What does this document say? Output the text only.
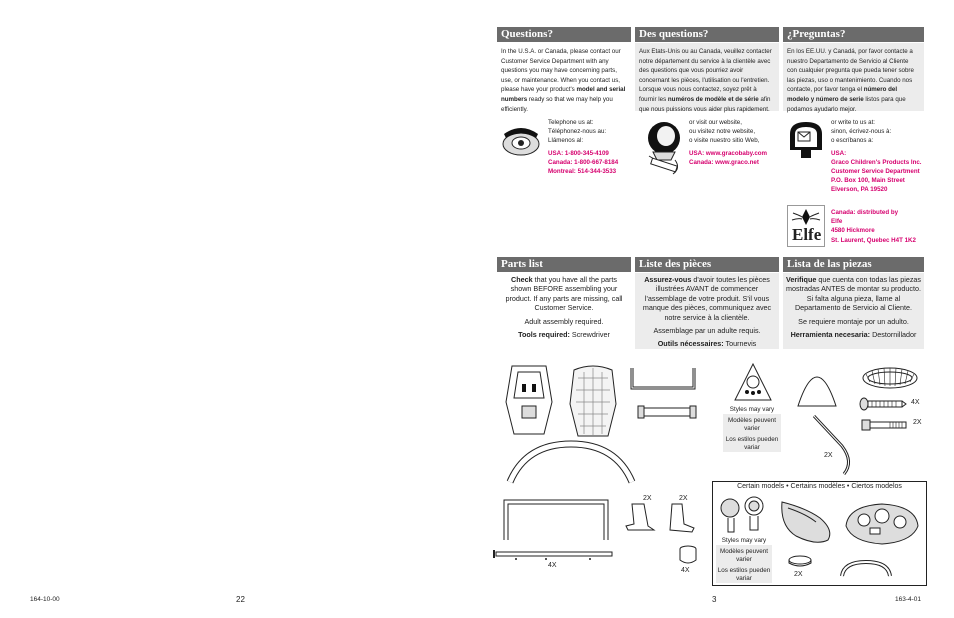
Questions?	Des questions?	¿Preguntas?
In the U.S.A. or Canada, please contact our Customer Service Department with any questions you may have concerning parts, use, or maintenance. When you contact us, please have your product's model and serial numbers ready so that we may help you efficiently.
Aux Etats-Unis ou au Canada, veuillez contacter notre département du service à la clientèle avec des questions que vous pourriez avoir concernant les pièces, l'utilisation ou l'entretien. Lorsque vous nous contactez, soyez prêt à fournir les numéros de modèle et de série afin que nous puissions vous aider plus rapidement.
En los EE.UU. y Canadá, por favor contacte a nuestro Departamento de Servicio al Cliente con cualquier pregunta que pueda tener sobre las piezas, uso o mantenimiento. Cuando nos contacte, por favor tenga el número del modelo y número de serie listos para que podamos ayudarlo mejor.
Telephone us at:
Téléphonez-nous au:
Llámenos al:
USA: 1-800-345-4109
Canada: 1-800-667-8184
Montreal: 514-344-3533
or visit our website,
ou visitez notre website,
o visite nuestro sitio Web,
USA: www.gracobaby.com
Canada: www.graco.net
or write to us at:
sinon, écrivez-nous à:
o escríbanos a:
USA:
Graco Children's Products Inc.
Customer Service Department
P.O. Box 100, Main Street
Elverson, PA 19520
Elfe
Canada: distributed by
Elfe
4580 Hickmore
St. Laurent, Quebec H4T 1K2
Parts list	Liste des pièces	Lista de las piezas

Check that you have all the parts shown BEFORE assembling your product. If any parts are missing, call Customer Service.

Adult assembly required.

Tools required: Screwdriver

Assurez-vous d'avoir toutes les pièces illustrées AVANT de commencer l'assemblage de votre produit. S'il vous manque des pièces, communiquez avec notre service à la clientèle.

Assemblage par un adulte requis.

Outils nécessaires: Tournevis

Verifique que cuenta con todas las piezas mostradas ANTES de montar su producto. Si falta alguna pieza, llame al Departamento de Servicio al Cliente.

Se requiere montaje por un adulto.

Herramienta necesaria: Destornillador

Styles may vary
Modèles peuvent varier
Los estilos pueden variar
2X
4X
2X
4X
2X	2X
4X
Certain models • Certains modèles • Ciertos modelos
Styles may vary
Modèles peuvent varier
Los estilos pueden variar
2X
164-10-00	22	3	163-4-01
